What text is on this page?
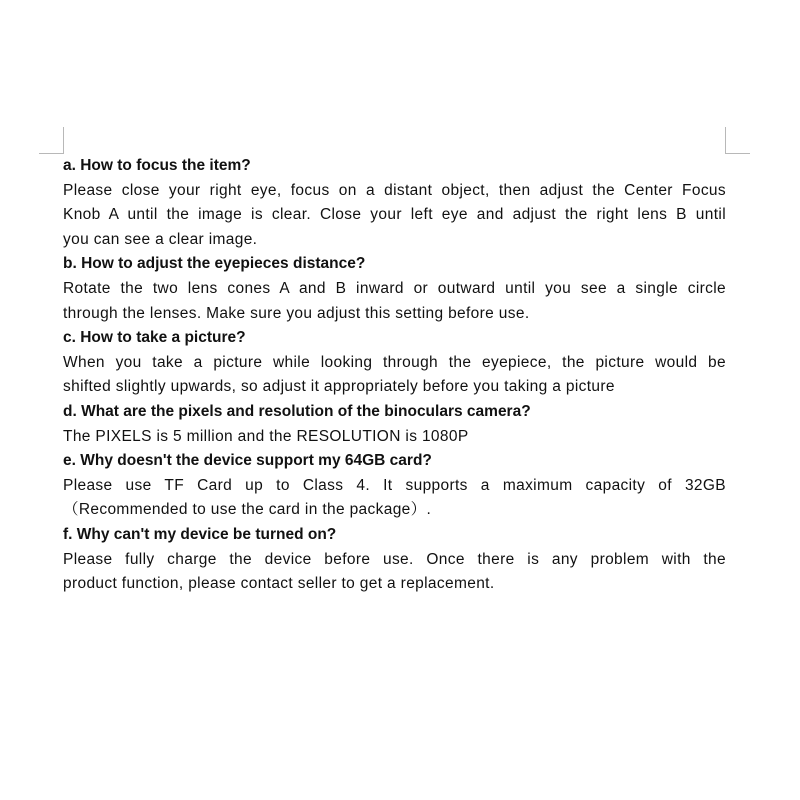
a. How to focus the item?

Please close your right eye, focus on a distant object, then adjust the Center Focus
Knob A until the image is clear. Close your left eye and adjust the right lens B until
you can see a clear image.

b. How to adjust the eyepieces distance?

Rotate the two lens cones A and B inward or outward until you see a single circle
through the lenses. Make sure you adjust this setting before use.

c. How to take a picture?

When you take a picture while looking through the eyepiece, the picture would be
shifted slightly upwards, so adjust it appropriately before you taking a picture

d. What are the pixels and resolution of the binoculars camera?

The PIXELS is 5 million and the RESOLUTION is 1080P

e. Why doesn't the device support my 64GB card?

Please use TF Card up to Class 4. It supports a maximum capacity of 32GB
（Recommended to use the card in the package）.

f. Why can't my device be turned on?

Please fully charge the device before use. Once there is any problem with the
product function, please contact seller to get a replacement.
